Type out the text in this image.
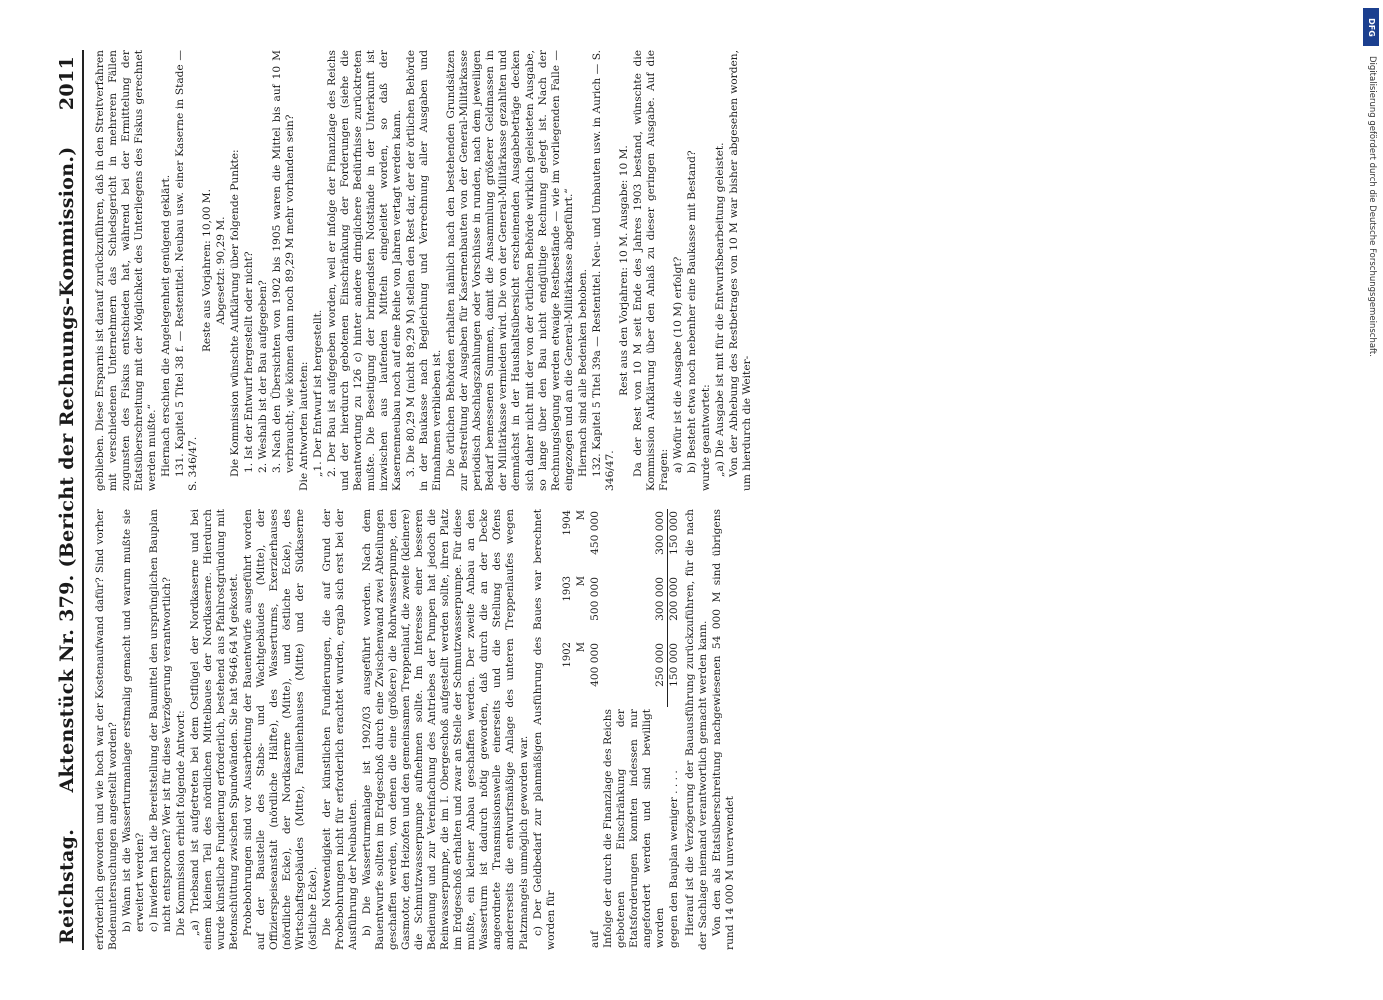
Reichstag.
Aktenstück Nr. 379. (Bericht der Rechnungs-Kommission.)
2011

erforderlich geworden und wie hoch war der Kostenaufwand dafür? Sind vorher Bodenuntersuchungen angestellt worden? b) Wann ist die Wasserturmanlage erstmalig gemacht und warum mußte sie erweitert werden? c) Inwiefern hat die Bereitstellung der Baumittel den ursprünglichen Bauplan nicht entsprochen? Wer ist für diese Verzögerung verantwortlich? Die Kommission erhielt folgende Antwort: „a) Triebsand ist aufgetreten bei dem Ostflügel der Nordkaserne und bei einem kleinen Teil des nördlichen Mittelbaues der Nordkaserne. Hierdurch wurde künstliche Fundierung erforderlich, bestehend aus Pfahlrostgründung mit Betonschüttung zwischen Spundwänden. Sie hat 9646,64 M gekostet. Probebohrungen sind vor Ausarbeitung der Bauentwürfe ausgeführt worden auf der Baustelle des Stabs- und Wachtgebäudes (Mitte), der Offizierspeiseanstalt (nördliche Hälfte), des Wasserturms, Exerzierhauses (nördliche Ecke), der Nordkaserne (Mitte), und östliche Ecke), des Wirtschaftsgebäudes (Mitte), Familienhauses (Mitte) und der Südkaserne (östliche Ecke). Die Notwendigkeit der künstlichen Fundierungen, die auf Grund der Probebohrungen nicht für erforderlich erachtet wurden, ergab sich erst bei der Ausführung der Neubauten. b) Die Wasserturmanlage ist 1902/03 ausgeführt worden. Nach dem Bauentwurfe sollten im Erdgeschoß durch eine Zwischenwand zwei Abteilungen geschaffen werden, von denen die eine (größere) die Rohrwasserpumpe, den Gasmotor, den Heizofen und den gemeinsamen Treppenlauf, die zweite (kleinere) die Schmutzwasserpumpe aufnehmen sollte. Im Interesse einer besseren Bedienung und zur Vereinfachung des Antriebes der Pumpen hat jedoch die Reinwasserpumpe, die im I. Obergeschoß aufgestellt werden sollte, ihren Platz im Erdgeschoß erhalten und zwar an Stelle der Schmutzwasserpumpe. Für diese mußte, ein kleiner Anbau geschaffen werden. Der zweite Anbau an den Wasserturm ist dadurch nötig geworden, daß durch die an der Decke angeordnete Transmissionswelle einerseits und die Stellung des Ofens andererseits die entwurfsmäßige Anlage des unteren Treppenlaufes wegen Platzmangels unmöglich geworden war. c) Der Geldbedarf zur planmäßigen Ausführung des Baues war berechnet worden für

	1902	1903	1904
	M	M	M
auf	400 000	500 000	450 000
Infolge der durch die Finanzlage des Reichs gebotenen Einschränkung der Etatsforderungen konnten indessen nur angefordert werden und sind bewilligt worden	250 000	300 000	300 000
gegen den Bauplan weniger . . . .	150 000	200 000	150 000 Hierauf ist die Verzögerung der Bauausführung zurückzuführen, für die nach der Sachlage niemand verantwortlich gemacht werden kann. Von den als Etatsüberschreitung nachgewiesenen 54 000 M sind übrigens rund 14 000 M unverwendet

geblieben. Diese Ersparnis ist darauf zurückzuführen, daß in den Streitverfahren mit verschiedenen Unternehmern das Schiedsgericht in mehreren Fällen zugunsten des Fiskus entschieden hat, während bei der Ermittelung der Etatsüberschreitung mit der Möglichkeit des Unterliegens des Fiskus gerechnet werden mußte.“ Hiernach erschien die Angelegenheit genügend geklärt. 131. Kapitel 5 Titel 38 f. — Restentitel. Neubau usw. einer Kaserne in Stade — S. 346/47.

Reste aus Vorjahren: 10,00 M. Abgesetzt: 90,29 M. Die Kommission wünschte Aufklärung über folgende Punkte: 1. Ist der Entwurf hergestellt oder nicht? 2. Weshalb ist der Bau aufgegeben? 3. Nach den Übersichten von 1902 bis 1905 waren die Mittel bis auf 10 M verbraucht; wie können dann noch 89,29 M mehr vorhanden sein? Die Antworten lauteten: „1. Der Entwurf ist hergestellt. 2. Der Bau ist aufgegeben worden, weil er infolge der Finanzlage des Reichs und der hierdurch gebotenen Einschränkung der Forderungen (siehe die Beantwortung zu 126 c) hinter andere dringlichere Bedürfnisse zurücktreten mußte. Die Beseitigung der bringendsten Notstände in der Unterkunft ist inzwischen aus laufenden Mitteln eingeleitet worden, so daß der Kasernenneubau noch auf eine Reihe von Jahren vertagt werden kann. 3. Die 80,29 M (nicht 89,29 M) stellen den Rest dar, der der örtlichen Behörde in der Baukasse nach Begleichung und Verrechnung aller Ausgaben und Einnahmen verblieben ist. Die örtlichen Behörden erhalten nämlich nach den bestehenden Grundsätzen zur Bestreitung der Ausgaben für Kasernenbauten von der General-Militärkasse periodisch Abschlagszahlungen oder Vorschüsse in runden, nach dem jeweiligen Bedarf bemessenen Summen, damit die Ansammlung größerer Geldmassen in der Militärkasse vermieden wird. Die von der General-Militärkasse gezahlten und demnächst in der Haushaltsübersicht erscheinenden Ausgabebeträge decken sich daher nicht mit der von der örtlichen Behörde wirklich geleisteten Ausgabe, so lange über den Bau nicht endgültige Rechnung gelegt ist. Nach der Rechnungslegung werden etwaige Restbestände — wie im vorliegenden Falle — eingezogen und an die General-Militärkasse abgeführt.“ Hiernach sind alle Bedenken behoben. 132. Kapitel 5 Titel 39a — Restentitel. Neu- und Umbauten usw. in Aurich — S. 346/47.

Rest aus den Vorjahren: 10 M. Ausgabe: 10 M. Da der Rest von 10 M seit Ende des Jahres 1903 bestand, wünschte die Kommission Aufklärung über den Anlaß zu dieser geringen Ausgabe. Auf die Fragen: a) Wofür ist die Ausgabe (10 M) erfolgt? b) Besteht etwa noch nebenher eine Baukasse mit Bestand? wurde geantwortet: „a) Die Ausgabe ist mit für die Entwurfsbearbeitung geleistet. Von der Abhebung des Restbetrages von 10 M war bisher abgesehen worden, um hierdurch die Weiter-

DFG
Digitalisierung gefördert durch die Deutsche Forschungsgemeinschaft.
